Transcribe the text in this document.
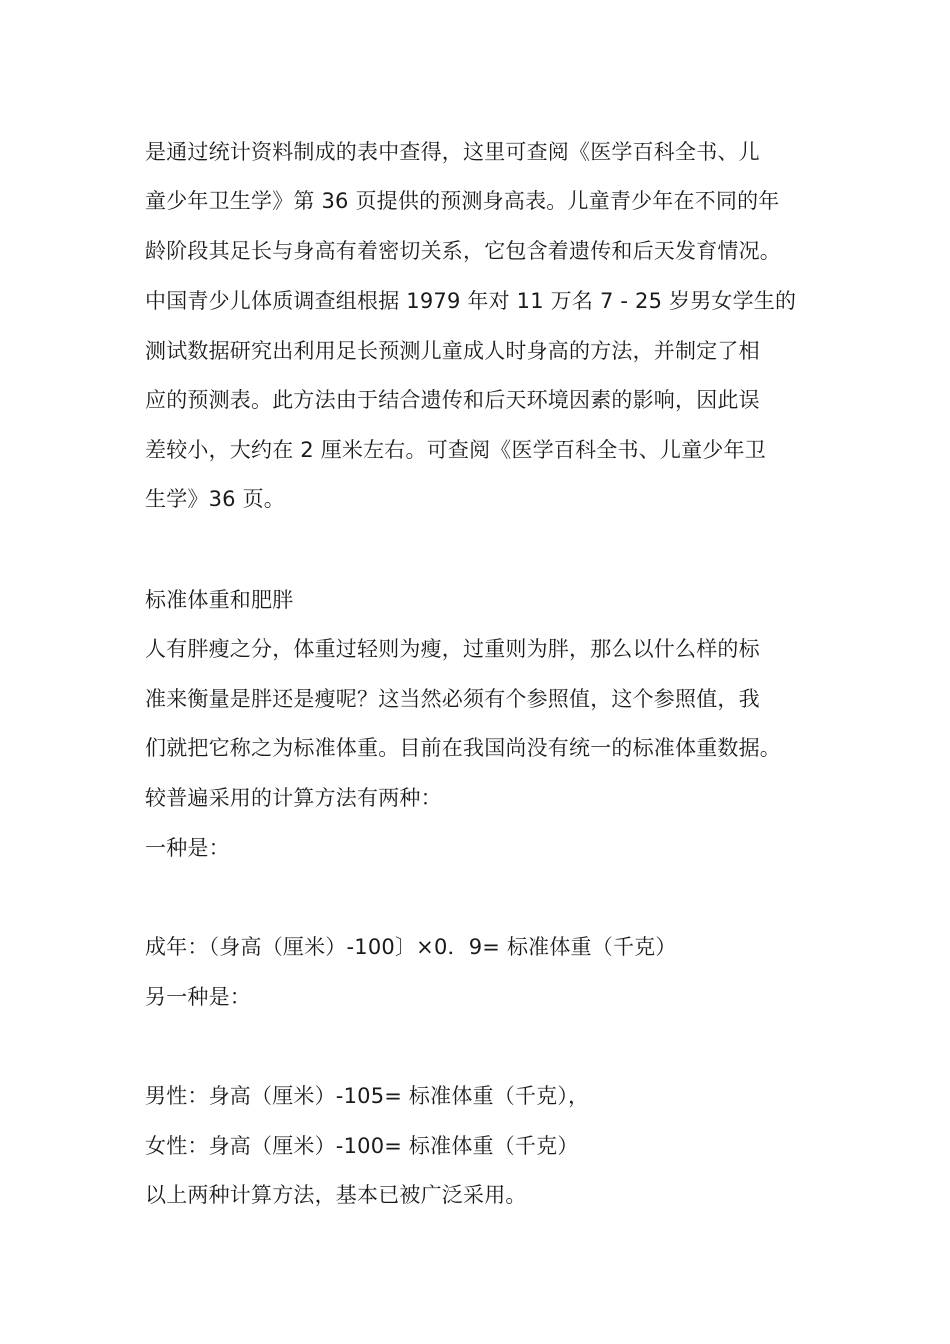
是通过统计资料制成的表中查得，这里可查阅《医学百科全书、儿
童少年卫生学》第 36 页提供的预测身高表。儿童青少年在不同的年
龄阶段其足长与身高有着密切关系，它包含着遗传和后天发育情况。
中国青少儿体质调查组根据 1979 年对 11 万名 7 - 25 岁男女学生的
测试数据研究出利用足长预测儿童成人时身高的方法，并制定了相
应的预测表。此方法由于结合遗传和后天环境因素的影响，因此误
差较小，大约在 2 厘米左右。可查阅《医学百科全书、儿童少年卫
生学》36 页。
标准体重和肥胖
人有胖瘦之分，体重过轻则为瘦，过重则为胖，那么以什么样的标
准来衡量是胖还是瘦呢？这当然必须有个参照值，这个参照值，我
们就把它称之为标准体重。目前在我国尚没有统一的标准体重数据。
较普遍采用的计算方法有两种：
一种是：
成年：（身高（厘米）-100〕×0．9= 标准体重（千克）
另一种是：
男性：身高（厘米）-105= 标准体重（千克），
女性：身高（厘米）-100= 标准体重（千克）
以上两种计算方法，基本已被广泛采用。
